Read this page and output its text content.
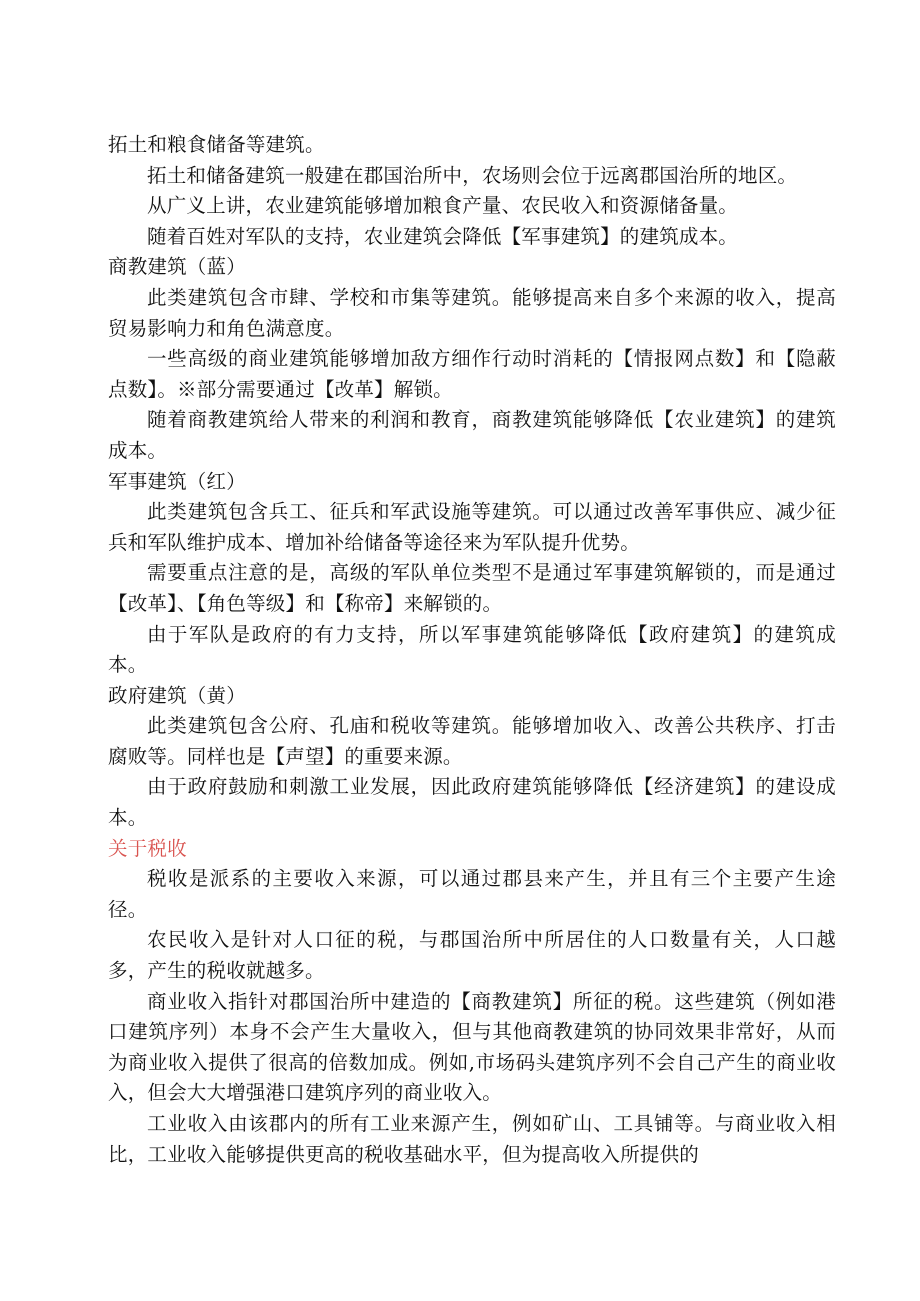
拓土和粮食储备等建筑。

拓土和储备建筑一般建在郡国治所中，农场则会位于远离郡国治所的地区。

从广义上讲，农业建筑能够增加粮食产量、农民收入和资源储备量。

随着百姓对军队的支持，农业建筑会降低【军事建筑】的建筑成本。

商教建筑（蓝）

此类建筑包含市肆、学校和市集等建筑。能够提高来自多个来源的收入，提高贸易影响力和角色满意度。

一些高级的商业建筑能够增加敌方细作行动时消耗的【情报网点数】和【隐蔽点数】。※部分需要通过【改革】解锁。

随着商教建筑给人带来的利润和教育，商教建筑能够降低【农业建筑】的建筑成本。

军事建筑（红）

此类建筑包含兵工、征兵和军武设施等建筑。可以通过改善军事供应、减少征兵和军队维护成本、增加补给储备等途径来为军队提升优势。

需要重点注意的是，高级的军队单位类型不是通过军事建筑解锁的，而是通过【改革】、【角色等级】和【称帝】来解锁的。

由于军队是政府的有力支持，所以军事建筑能够降低【政府建筑】的建筑成本。

政府建筑（黄）

此类建筑包含公府、孔庙和税收等建筑。能够增加收入、改善公共秩序、打击腐败等。同样也是【声望】的重要来源。

由于政府鼓励和刺激工业发展，因此政府建筑能够降低【经济建筑】的建设成本。

关于税收

税收是派系的主要收入来源，可以通过郡县来产生，并且有三个主要产生途径。

农民收入是针对人口征的税，与郡国治所中所居住的人口数量有关，人口越多，产生的税收就越多。

商业收入指针对郡国治所中建造的【商教建筑】所征的税。这些建筑（例如港口建筑序列）本身不会产生大量收入，但与其他商教建筑的协同效果非常好，从而为商业收入提供了很高的倍数加成。例如,市场码头建筑序列不会自己产生的商业收入，但会大大增强港口建筑序列的商业收入。

工业收入由该郡内的所有工业来源产生，例如矿山、工具铺等。与商业收入相比，工业收入能够提供更高的税收基础水平，但为提高收入所提供的
